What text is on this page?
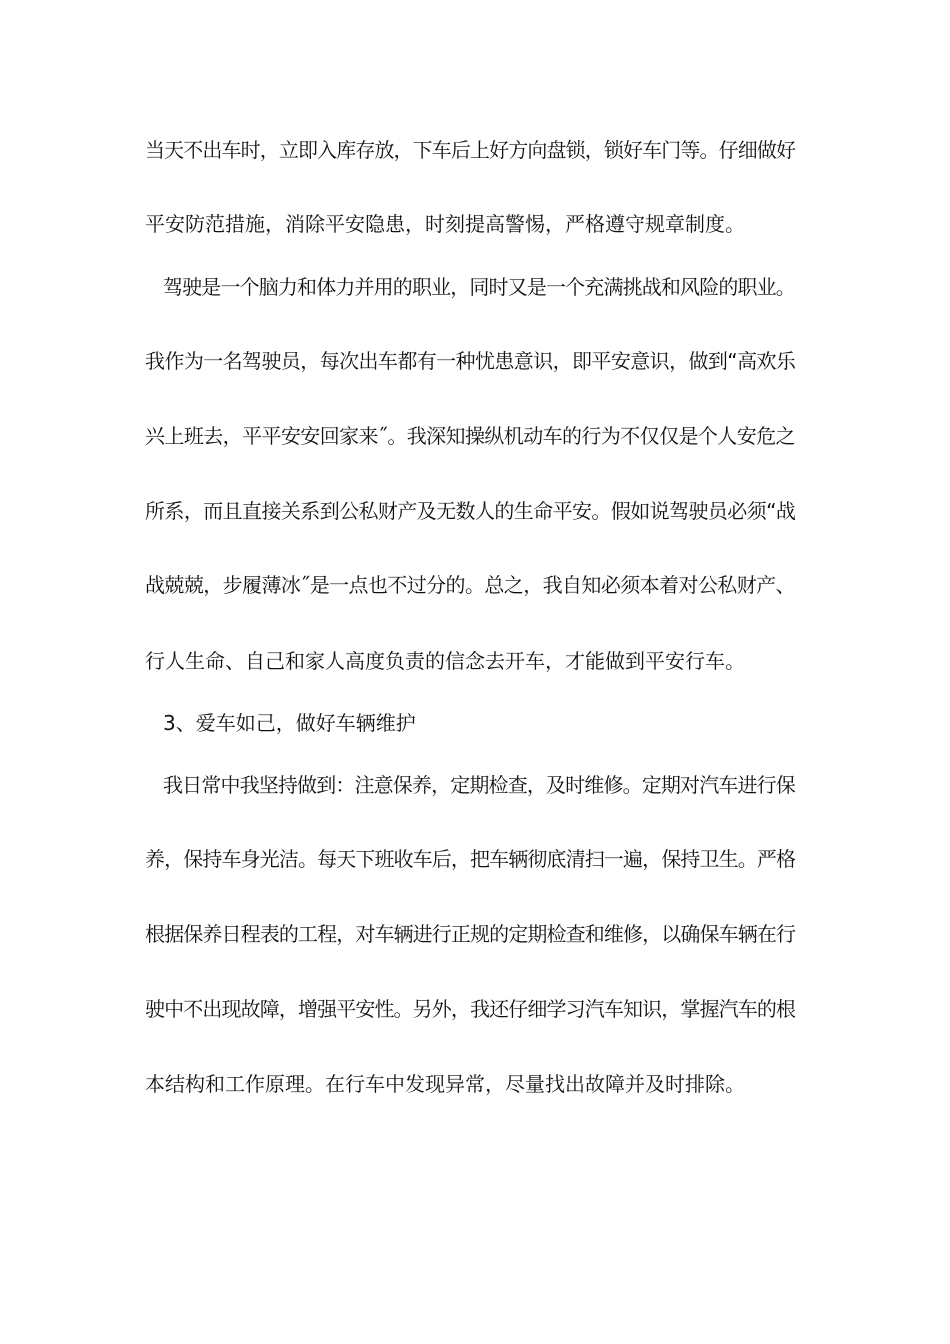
当天不出车时，立即入库存放，下车后上好方向盘锁，锁好车门等。仔细做好

平安防范措施，消除平安隐患，时刻提高警惕，严格遵守规章制度。

驾驶是一个脑力和体力并用的职业，同时又是一个充满挑战和风险的职业。

我作为一名驾驶员，每次出车都有一种忧患意识，即平安意识，做到“高欢乐

兴上班去，平平安安回家来˝。我深知操纵机动车的行为不仅仅是个人安危之

所系，而且直接关系到公私财产及无数人的生命平安。假如说驾驶员必须“战

战兢兢，步履薄冰˝是一点也不过分的。总之，我自知必须本着对公私财产、

行人生命、自己和家人高度负责的信念去开车，才能做到平安行车。

3、爱车如己，做好车辆维护

我日常中我坚持做到：注意保养，定期检查，及时维修。定期对汽车进行保

养，保持车身光洁。每天下班收车后，把车辆彻底清扫一遍，保持卫生。严格

根据保养日程表的工程，对车辆进行正规的定期检查和维修，以确保车辆在行

驶中不出现故障，增强平安性。另外，我还仔细学习汽车知识，掌握汽车的根

本结构和工作原理。在行车中发现异常，尽量找出故障并及时排除。
